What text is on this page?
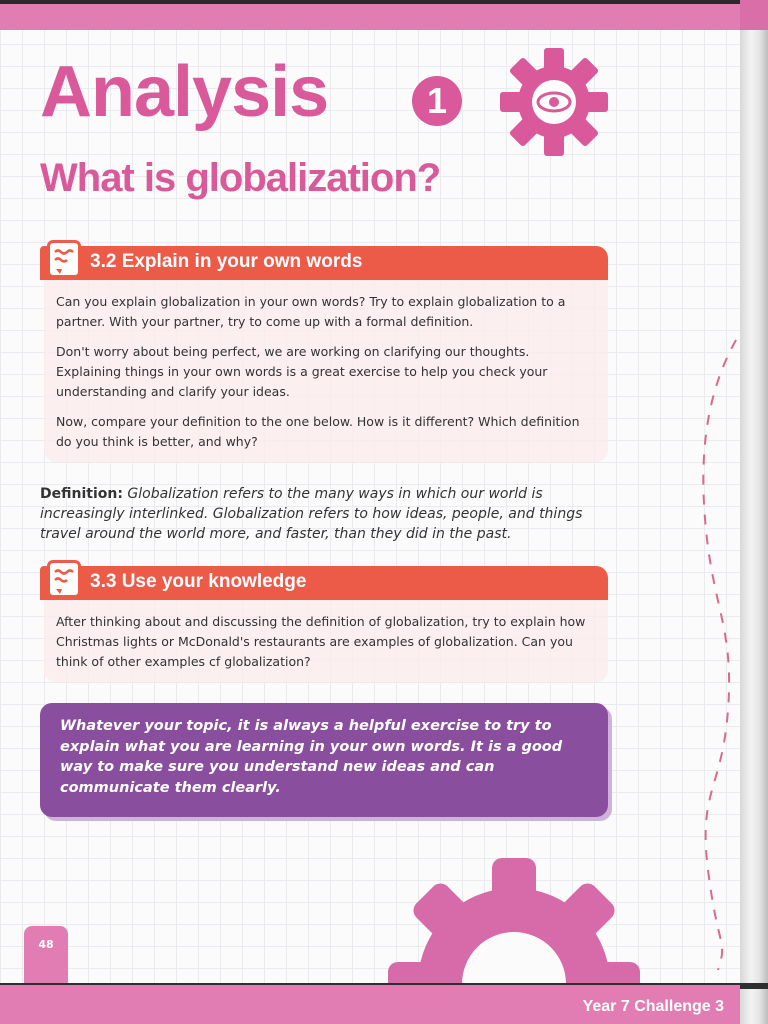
Analysis	1
What is globalization?
3.2 Explain in your own words

Can you explain globalization in your own words? Try to explain globalization to a partner. With your partner, try to come up with a formal definition.

Don't worry about being perfect, we are working on clarifying our thoughts. Explaining things in your own words is a great exercise to help you check your understanding and clarify your ideas.

Now, compare your definition to the one below. How is it different? Which definition do you think is better, and why?

Definition: Globalization refers to the many ways in which our world is increasingly interlinked. Globalization refers to how ideas, people, and things travel around the world more, and faster, than they did in the past.
3.3 Use your knowledge

After thinking about and discussing the definition of globalization, try to explain how Christmas lights or McDonald's restaurants are examples of globalization. Can you think of other examples cf globalization?

Whatever your topic, it is always a helpful exercise to try to explain what you are learning in your own words. It is a good way to make sure you understand new ideas and can communicate them clearly.
48
Year 7 Challenge 3
